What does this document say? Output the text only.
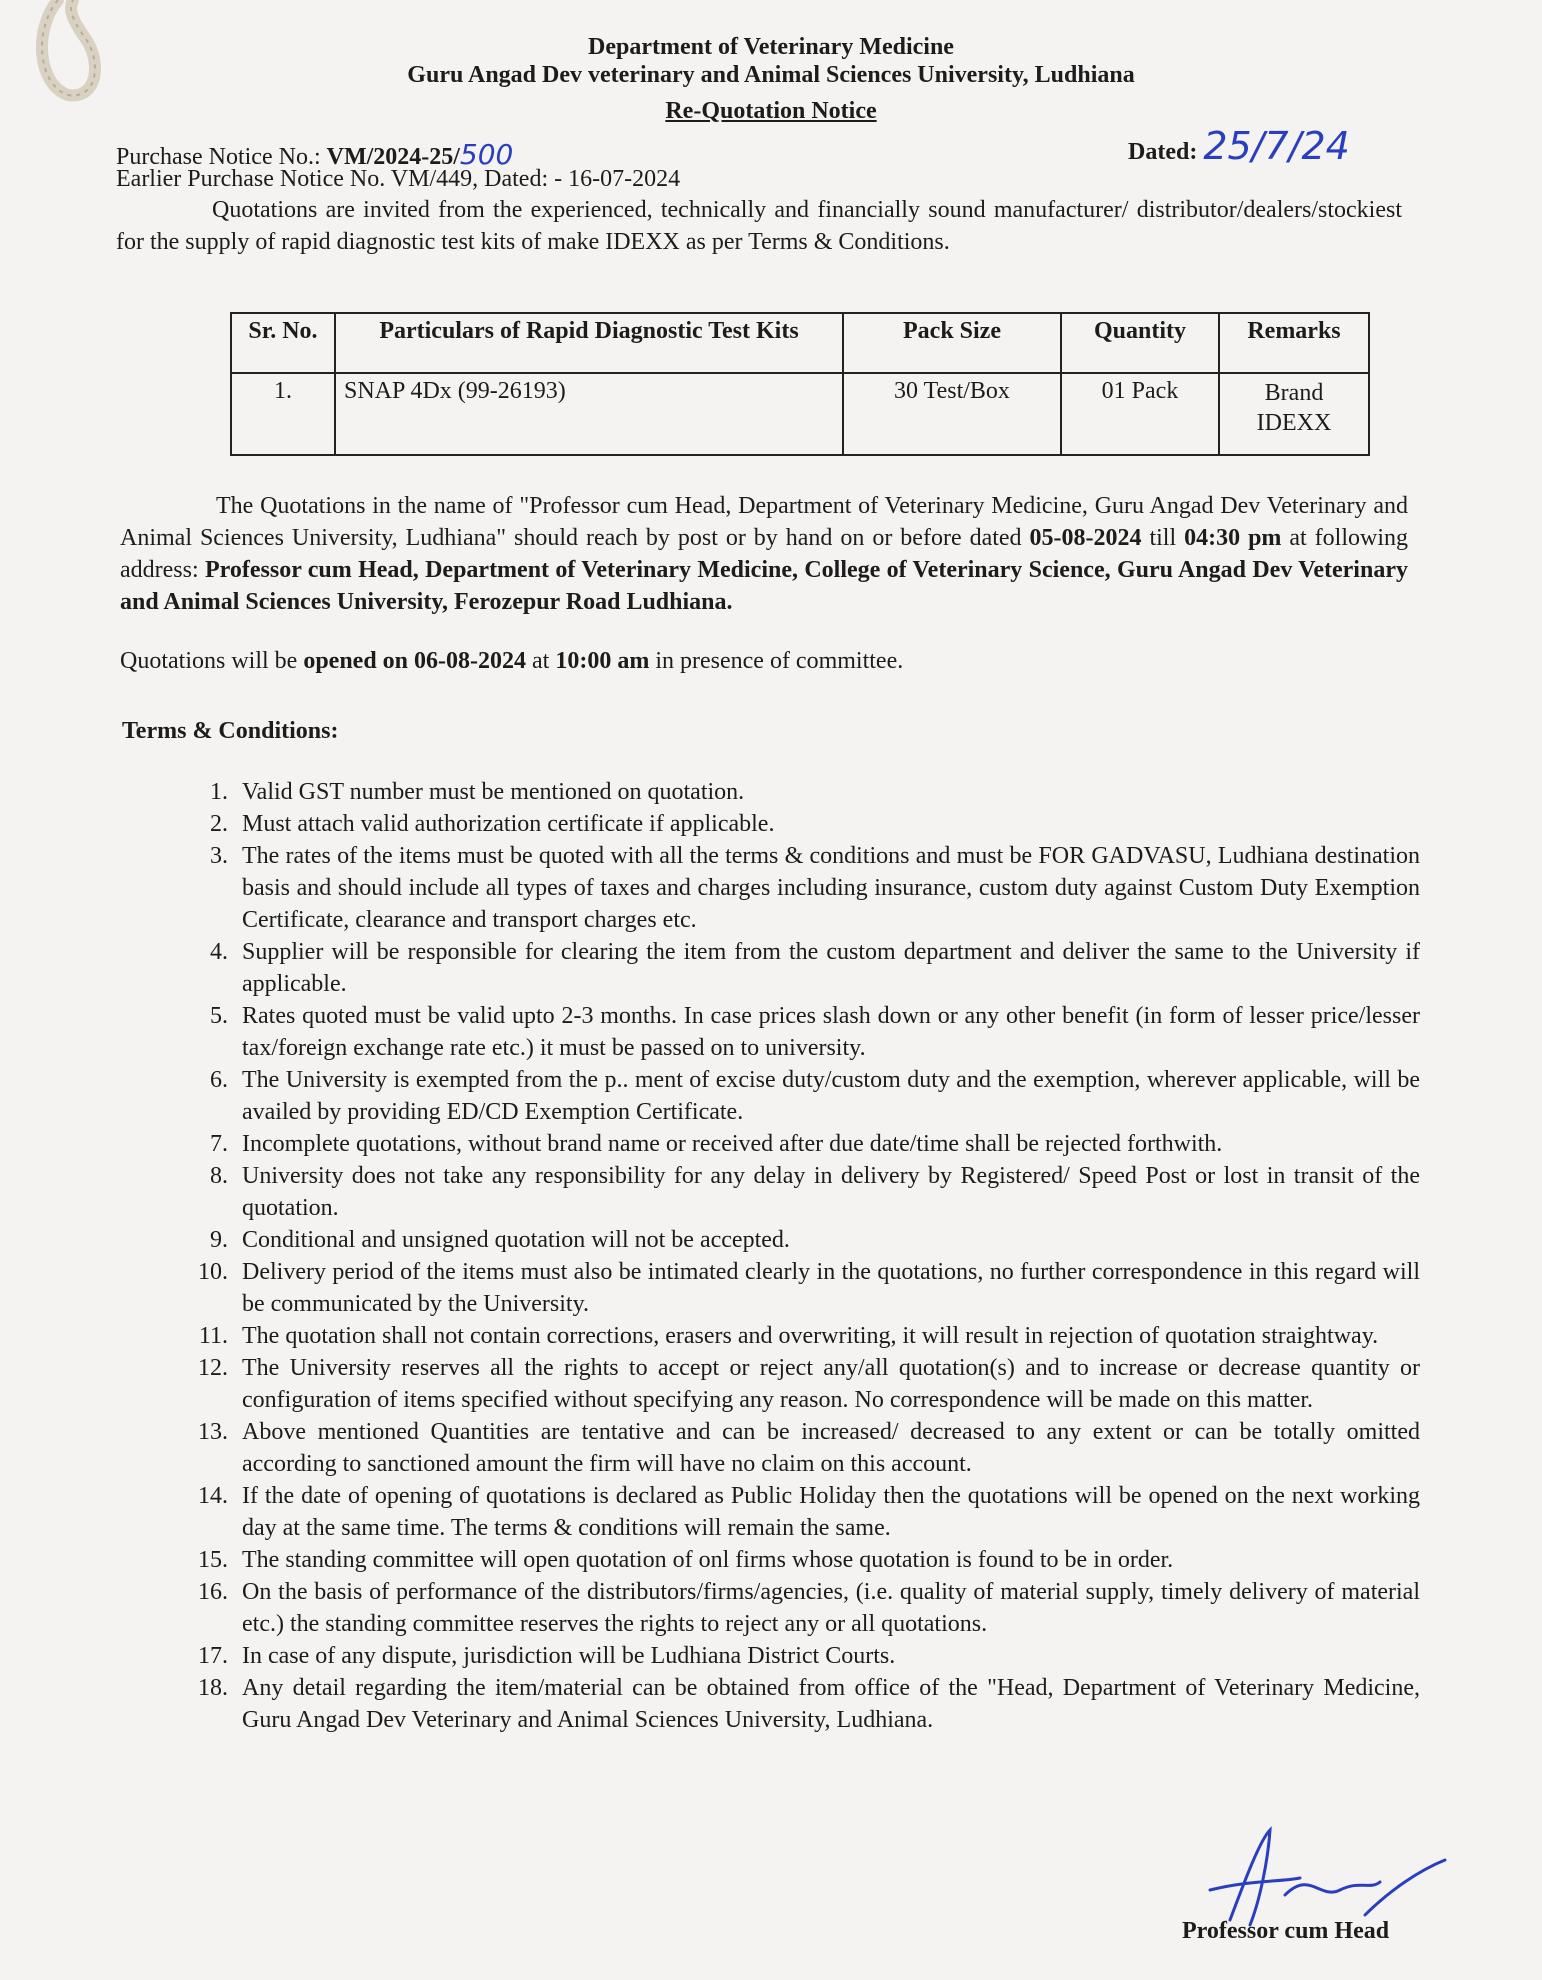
Department of Veterinary Medicine
Guru Angad Dev veterinary and Animal Sciences University, Ludhiana
Re-Quotation Notice
Purchase Notice No.: VM/2024-25/500	Dated: 25/7/24
Earlier Purchase Notice No. VM/449, Dated: - 16-07-2024
Quotations are invited from the experienced, technically and financially sound manufacturer/ distributor/dealers/stockiest for the supply of rapid diagnostic test kits of make IDEXX as per Terms & Conditions.
Sr. No.	Particulars of Rapid Diagnostic Test Kits	Pack Size	Quantity	Remarks
1.	SNAP 4Dx (99-26193)	30 Test/Box	01 Pack	Brand IDEXX
The Quotations in the name of "Professor cum Head, Department of Veterinary Medicine, Guru Angad Dev Veterinary and Animal Sciences University, Ludhiana" should reach by post or by hand on or before dated 05-08-2024 till 04:30 pm at following address: Professor cum Head, Department of Veterinary Medicine, College of Veterinary Science, Guru Angad Dev Veterinary and Animal Sciences University, Ferozepur Road Ludhiana.
Quotations will be opened on 06-08-2024 at 10:00 am in presence of committee.
Terms & Conditions:
1. Valid GST number must be mentioned on quotation.
2. Must attach valid authorization certificate if applicable.
3. The rates of the items must be quoted with all the terms & conditions and must be FOR GADVASU, Ludhiana destination basis and should include all types of taxes and charges including insurance, custom duty against Custom Duty Exemption Certificate, clearance and transport charges etc.
4. Supplier will be responsible for clearing the item from the custom department and deliver the same to the University if applicable.
5. Rates quoted must be valid upto 2-3 months. In case prices slash down or any other benefit (in form of lesser price/lesser tax/foreign exchange rate etc.) it must be passed on to university.
6. The University is exempted from the p.. ment of excise duty/custom duty and the exemption, wherever applicable, will be availed by providing ED/CD Exemption Certificate.
7. Incomplete quotations, without brand name or received after due date/time shall be rejected forthwith.
8. University does not take any responsibility for any delay in delivery by Registered/ Speed Post or lost in transit of the quotation.
9. Conditional and unsigned quotation will not be accepted.
10. Delivery period of the items must also be intimated clearly in the quotations, no further correspondence in this regard will be communicated by the University.
11. The quotation shall not contain corrections, erasers and overwriting, it will result in rejection of quotation straightway.
12. The University reserves all the rights to accept or reject any/all quotation(s) and to increase or decrease quantity or configuration of items specified without specifying any reason. No correspondence will be made on this matter.
13. Above mentioned Quantities are tentative and can be increased/ decreased to any extent or can be totally omitted according to sanctioned amount the firm will have no claim on this account.
14. If the date of opening of quotations is declared as Public Holiday then the quotations will be opened on the next working day at the same time. The terms & conditions will remain the same.
15. The standing committee will open quotation of onl firms whose quotation is found to be in order.
16. On the basis of performance of the distributors/firms/agencies, (i.e. quality of material supply, timely delivery of material etc.) the standing committee reserves the rights to reject any or all quotations.
17. In case of any dispute, jurisdiction will be Ludhiana District Courts.
18. Any detail regarding the item/material can be obtained from office of the "Head, Department of Veterinary Medicine, Guru Angad Dev Veterinary and Animal Sciences University, Ludhiana.
Professor cum Head
